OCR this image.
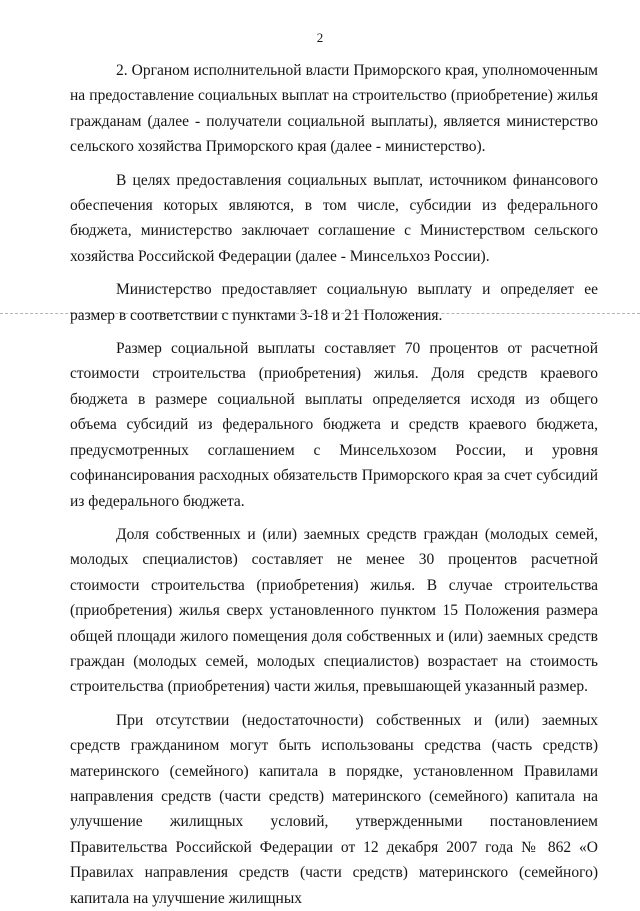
2

2. Органом исполнительной власти Приморского края, уполномоченным на предоставление социальных выплат на строительство (приобретение) жилья гражданам (далее - получатели социальной выплаты), является министерство сельского хозяйства Приморского края (далее - министерство).

В целях предоставления социальных выплат, источником финансового обеспечения которых являются, в том числе, субсидии из федерального бюджета, министерство заключает соглашение с Министерством сельского хозяйства Российской Федерации (далее - Минсельхоз России).

Министерство предоставляет социальную выплату и определяет ее размер в соответствии с пунктами 3-18 и 21 Положения.

Размер социальной выплаты составляет 70 процентов от расчетной стоимости строительства (приобретения) жилья. Доля средств краевого бюджета в размере социальной выплаты определяется исходя из общего объема субсидий из федерального бюджета и средств краевого бюджета, предусмотренных соглашением с Минсельхозом России, и уровня софинансирования расходных обязательств Приморского края за счет субсидий из федерального бюджета.

Доля собственных и (или) заемных средств граждан (молодых семей, молодых специалистов) составляет не менее 30 процентов расчетной стоимости строительства (приобретения) жилья. В случае строительства (приобретения) жилья сверх установленного пунктом 15 Положения размера общей площади жилого помещения доля собственных и (или) заемных средств граждан (молодых семей, молодых специалистов) возрастает на стоимость строительства (приобретения) части жилья, превышающей указанный размер.

При отсутствии (недостаточности) собственных и (или) заемных средств гражданином могут быть использованы средства (часть средств) материнского (семейного) капитала в порядке, установленном Правилами направления средств (части средств) материнского (семейного) капитала на улучшение жилищных условий, утвержденными постановлением Правительства Российской Федерации от 12 декабря 2007 года № 862 «О Правилах направления средств (части средств) материнского (семейного) капитала на улучшение жилищных
